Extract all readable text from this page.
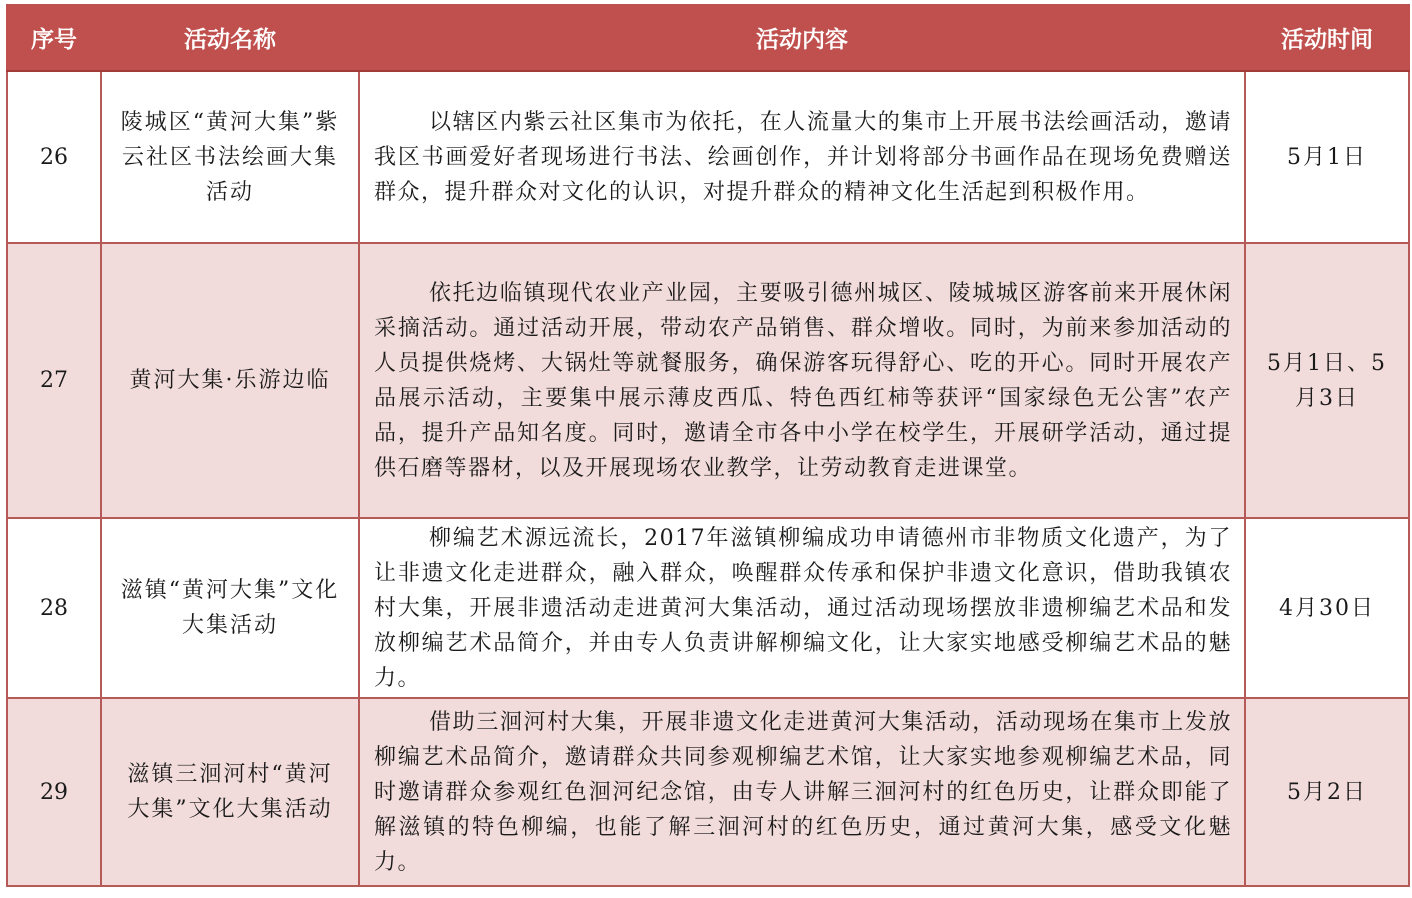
序号	活动名称	活动内容	活动时间
26	陵城区“黄河大集”紫云社区书法绘画大集活动	以辖区内紫云社区集市为依托，在人流量大的集市上开展书法绘画活动，邀请我区书画爱好者现场进行书法、绘画创作，并计划将部分书画作品在现场免费赠送群众，提升群众对文化的认识，对提升群众的精神文化生活起到积极作用。	5月1日
27	黄河大集·乐游边临	依托边临镇现代农业产业园，主要吸引德州城区、陵城城区游客前来开展休闲采摘活动。通过活动开展，带动农产品销售、群众增收。同时，为前来参加活动的人员提供烧烤、大锅灶等就餐服务，确保游客玩得舒心、吃的开心。同时开展农产品展示活动，主要集中展示薄皮西瓜、特色西红柿等获评“国家绿色无公害”农产品，提升产品知名度。同时，邀请全市各中小学在校学生，开展研学活动，通过提供石磨等器材，以及开展现场农业教学，让劳动教育走进课堂。	5月1日、5月3日
28	滋镇“黄河大集”文化大集活动	柳编艺术源远流长，2017年滋镇柳编成功申请德州市非物质文化遗产，为了让非遗文化走进群众，融入群众，唤醒群众传承和保护非遗文化意识，借助我镇农村大集，开展非遗活动走进黄河大集活动，通过活动现场摆放非遗柳编艺术品和发放柳编艺术品简介，并由专人负责讲解柳编文化，让大家实地感受柳编艺术品的魅力。	4月30日
29	滋镇三洄河村“黄河大集”文化大集活动	借助三洄河村大集，开展非遗文化走进黄河大集活动，活动现场在集市上发放柳编艺术品简介，邀请群众共同参观柳编艺术馆，让大家实地参观柳编艺术品，同时邀请群众参观红色洄河纪念馆，由专人讲解三洄河村的红色历史，让群众即能了解滋镇的特色柳编，也能了解三洄河村的红色历史，通过黄河大集，感受文化魅力。	5月2日
